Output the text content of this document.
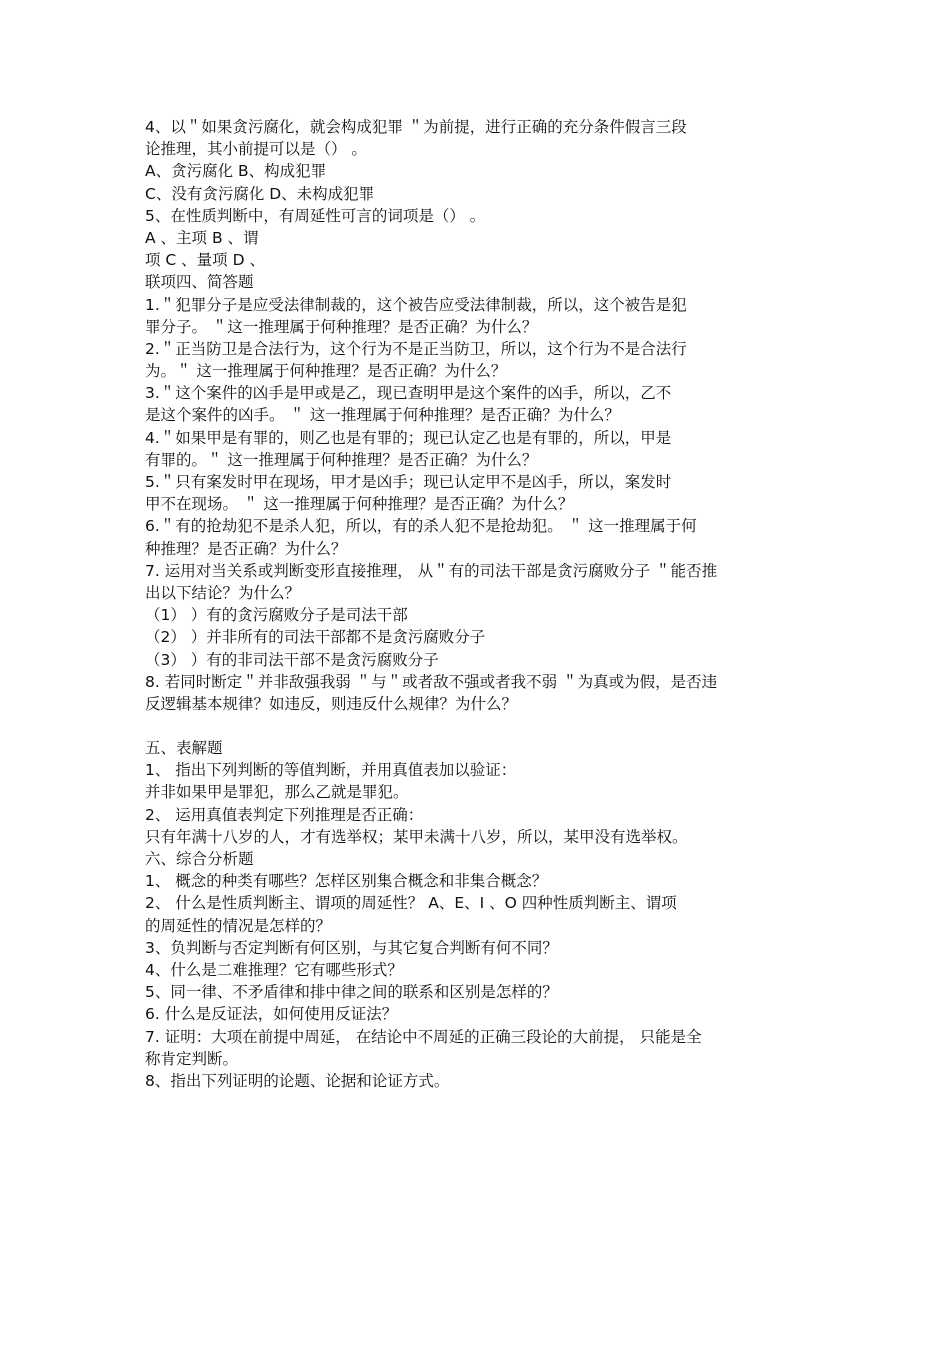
4、以＂如果贪污腐化，就会构成犯罪 ＂为前提，进行正确的充分条件假言三段
论推理，其小前提可以是（） 。
A、贪污腐化 B、构成犯罪
C、没有贪污腐化 D、未构成犯罪
5、在性质判断中，有周延性可言的词项是（） 。
A 、主项 B 、谓
项 C 、量项 D 、
联项四、简答题
1.＂犯罪分子是应受法律制裁的，这个被告应受法律制裁，所以，这个被告是犯
罪分子。 ＂这一推理属于何种推理？是否正确？为什么？
2.＂正当防卫是合法行为，这个行为不是正当防卫，所以，这个行为不是合法行
为。＂ 这一推理属于何种推理？是否正确？为什么？
3.＂这个案件的凶手是甲或是乙，现已查明甲是这个案件的凶手，所以，乙不
是这个案件的凶手。 ＂ 这一推理属于何种推理？是否正确？为什么？
4.＂如果甲是有罪的，则乙也是有罪的；现已认定乙也是有罪的，所以，甲是
有罪的。＂ 这一推理属于何种推理？是否正确？为什么？
5.＂只有案发时甲在现场，甲才是凶手；现已认定甲不是凶手，所以，案发时
甲不在现场。 ＂ 这一推理属于何种推理？是否正确？为什么？
6.＂有的抢劫犯不是杀人犯，所以，有的杀人犯不是抢劫犯。 ＂ 这一推理属于何
种推理？是否正确？为什么？
7. 运用对当关系或判断变形直接推理， 从＂有的司法干部是贪污腐败分子 ＂能否推
出以下结论？为什么？
（1） ）有的贪污腐败分子是司法干部
（2） ）并非所有的司法干部都不是贪污腐败分子
（3） ）有的非司法干部不是贪污腐败分子
8. 若同时断定＂并非敌强我弱 ＂与＂或者敌不强或者我不弱 ＂为真或为假，是否违
反逻辑基本规律？如违反，则违反什么规律？为什么？
五、表解题
1、 指出下列判断的等值判断，并用真值表加以验证：
并非如果甲是罪犯，那么乙就是罪犯。
2、 运用真值表判定下列推理是否正确：
只有年满十八岁的人，才有选举权；某甲未满十八岁，所以，某甲没有选举权。
六、综合分析题
1、 概念的种类有哪些？怎样区别集合概念和非集合概念？
2、 什么是性质判断主、谓项的周延性？ A、E、I 、O 四种性质判断主、谓项
的周延性的情况是怎样的？
3、负判断与否定判断有何区别，与其它复合判断有何不同？
4、什么是二难推理？它有哪些形式？
5、同一律、不矛盾律和排中律之间的联系和区别是怎样的？
6. 什么是反证法，如何使用反证法？
7. 证明：大项在前提中周延， 在结论中不周延的正确三段论的大前提， 只能是全
称肯定判断。
8、指出下列证明的论题、论据和论证方式。
